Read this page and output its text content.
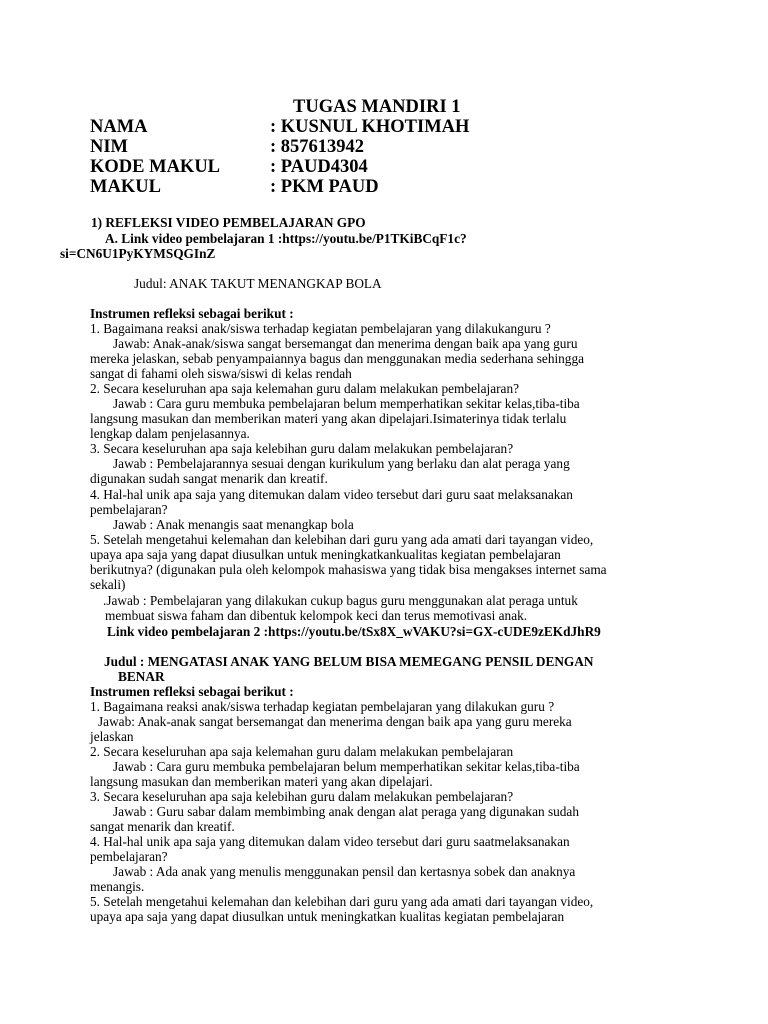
TUGAS MANDIRI 1
NAMA	: KUSNUL KHOTIMAH
NIM	: 857613942
KODE MAKUL	: PAUD4304
MAKUL	: PKM PAUD
1) REFLEKSI VIDEO PEMBELAJARAN GPO
A. Link video pembelajaran 1 :https://youtu.be/P1TKiBCqF1c?
si=CN6U1PyKYMSQGInZ
Judul: ANAK TAKUT MENANGKAP BOLA
Instrumen refleksi sebagai berikut :
1. Bagaimana reaksi anak/siswa terhadap kegiatan pembelajaran yang dilakukanguru ?
Jawab: Anak-anak/siswa sangat bersemangat dan menerima dengan baik apa yang guru
mereka jelaskan, sebab penyampaiannya bagus dan menggunakan media sederhana sehingga
sangat di fahami oleh siswa/siswi di kelas rendah
2. Secara keseluruhan apa saja kelemahan guru dalam melakukan pembelajaran?
Jawab : Cara guru membuka pembelajaran belum memperhatikan sekitar kelas,tiba-tiba
langsung masukan dan memberikan materi yang akan dipelajari.Isimaterinya tidak terlalu
lengkap dalam penjelasannya.
3. Secara keseluruhan apa saja kelebihan guru dalam melakukan pembelajaran?
Jawab : Pembelajarannya sesuai dengan kurikulum yang berlaku dan alat peraga yang
digunakan sudah sangat menarik dan kreatif.
4. Hal-hal unik apa saja yang ditemukan dalam video tersebut dari guru saat melaksanakan
pembelajaran?
Jawab : Anak menangis saat menangkap bola
5. Setelah mengetahui kelemahan dan kelebihan dari guru yang ada amati dari tayangan video,
upaya apa saja yang dapat diusulkan untuk meningkatkankualitas kegiatan pembelajaran
berikutnya? (digunakan pula oleh kelompok mahasiswa yang tidak bisa mengakses internet sama
sekali)
.Jawab : Pembelajaran yang dilakukan cukup bagus guru menggunakan alat peraga untuk
membuat siswa faham dan dibentuk kelompok keci dan terus memotivasi anak.
Link video pembelajaran 2 :https://youtu.be/tSx8X_wVAKU?si=GX-cUDE9zEKdJhR9
Judul : MENGATASI ANAK YANG BELUM BISA MEMEGANG PENSIL DENGAN
BENAR
Instrumen refleksi sebagai berikut :
1. Bagaimana reaksi anak/siswa terhadap kegiatan pembelajaran yang dilakukan guru ?
Jawab: Anak-anak sangat bersemangat dan menerima dengan baik apa yang guru mereka
jelaskan
2. Secara keseluruhan apa saja kelemahan guru dalam melakukan pembelajaran
Jawab : Cara guru membuka pembelajaran belum memperhatikan sekitar kelas,tiba-tiba
langsung masukan dan memberikan materi yang akan dipelajari.
3. Secara keseluruhan apa saja kelebihan guru dalam melakukan pembelajaran?
Jawab : Guru sabar dalam membimbing anak dengan alat peraga yang digunakan sudah
sangat menarik dan kreatif.
4. Hal-hal unik apa saja yang ditemukan dalam video tersebut dari guru saatmelaksanakan
pembelajaran?
Jawab : Ada anak yang menulis menggunakan pensil dan kertasnya sobek dan anaknya
menangis.
5. Setelah mengetahui kelemahan dan kelebihan dari guru yang ada amati dari tayangan video,
upaya apa saja yang dapat diusulkan untuk meningkatkan kualitas kegiatan pembelajaran
